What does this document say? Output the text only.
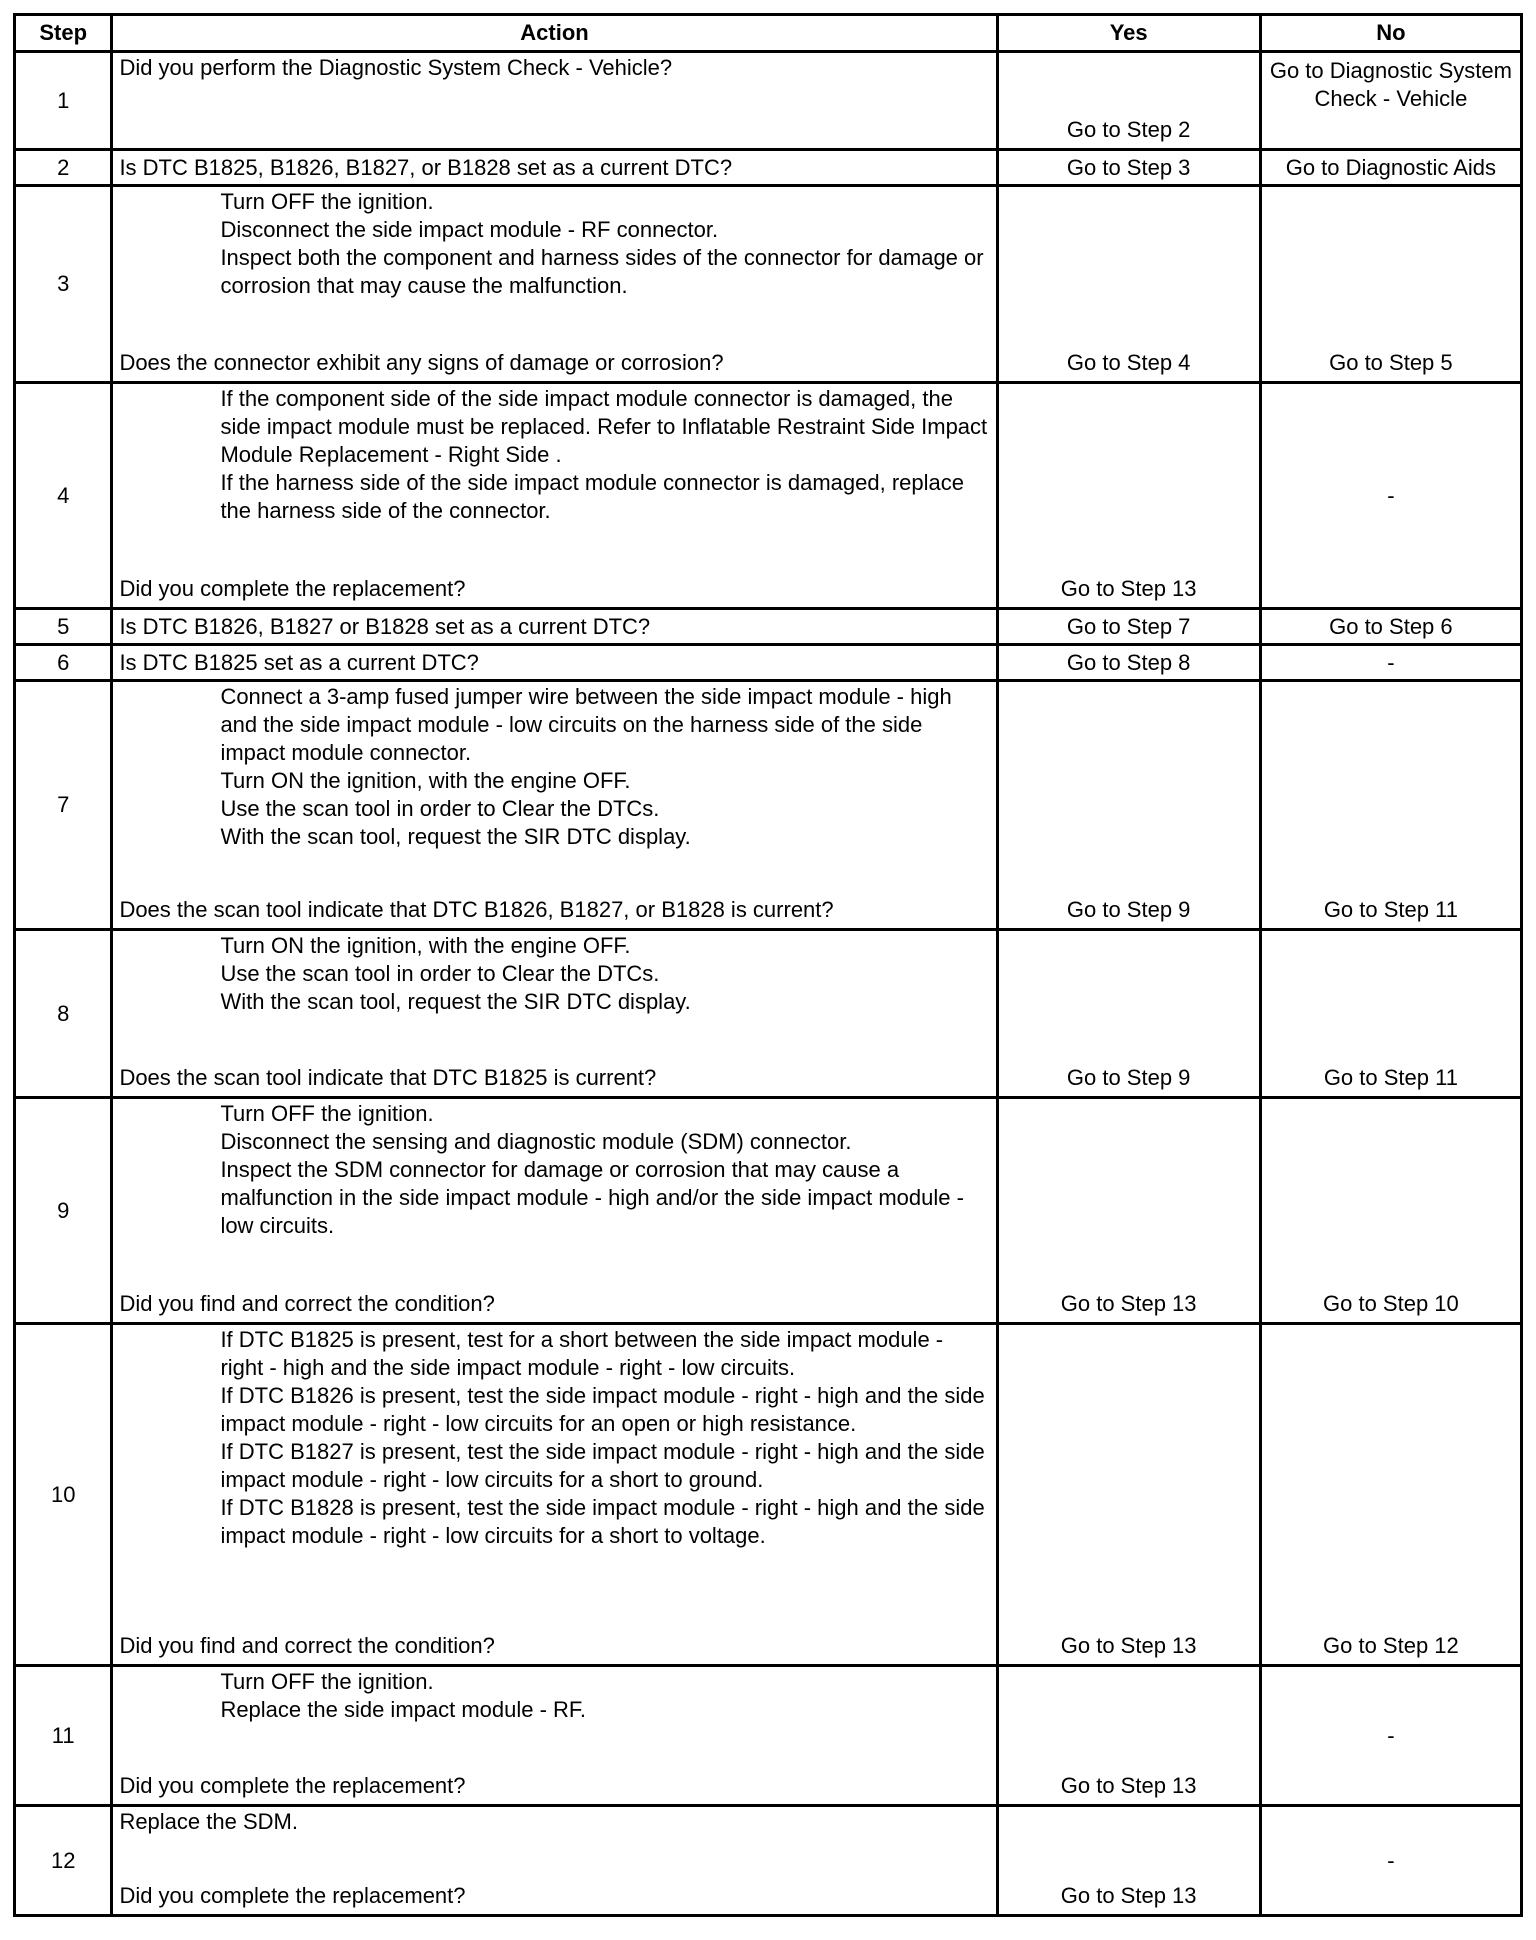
Step	Action	Yes	No
1	Did you perform the Diagnostic System Check - Vehicle?	Go to Step 2	Go to Diagnostic System Check - Vehicle
2	Is DTC B1825, B1826, B1827, or B1828 set as a current DTC?	Go to Step 3	Go to Diagnostic Aids
3	Turn OFF the ignition.
Disconnect the side impact module - RF connector.
Inspect both the component and harness sides of the connector for damage or corrosion that may cause the malfunction.
Does the connector exhibit any signs of damage or corrosion?	Go to Step 4	Go to Step 5
4	If the component side of the side impact module connector is damaged, the side impact module must be replaced. Refer to Inflatable Restraint Side Impact Module Replacement - Right Side .
If the harness side of the side impact module connector is damaged, replace the harness side of the connector.
Did you complete the replacement?	Go to Step 13	-
5	Is DTC B1826, B1827 or B1828 set as a current DTC?	Go to Step 7	Go to Step 6
6	Is DTC B1825 set as a current DTC?	Go to Step 8	-
7	Connect a 3-amp fused jumper wire between the side impact module - high and the side impact module - low circuits on the harness side of the side impact module connector.
Turn ON the ignition, with the engine OFF.
Use the scan tool in order to Clear the DTCs.
With the scan tool, request the SIR DTC display.
Does the scan tool indicate that DTC B1826, B1827, or B1828 is current?	Go to Step 9	Go to Step 11
8	Turn ON the ignition, with the engine OFF.
Use the scan tool in order to Clear the DTCs.
With the scan tool, request the SIR DTC display.
Does the scan tool indicate that DTC B1825 is current?	Go to Step 9	Go to Step 11
9	Turn OFF the ignition.
Disconnect the sensing and diagnostic module (SDM) connector.
Inspect the SDM connector for damage or corrosion that may cause a malfunction in the side impact module - high and/or the side impact module - low circuits.
Did you find and correct the condition?	Go to Step 13	Go to Step 10
10	If DTC B1825 is present, test for a short between the side impact module - right - high and the side impact module - right - low circuits.
If DTC B1826 is present, test the side impact module - right - high and the side impact module - right - low circuits for an open or high resistance.
If DTC B1827 is present, test the side impact module - right - high and the side impact module - right - low circuits for a short to ground.
If DTC B1828 is present, test the side impact module - right - high and the side impact module - right - low circuits for a short to voltage.
Did you find and correct the condition?	Go to Step 13	Go to Step 12
11	Turn OFF the ignition.
Replace the side impact module - RF.
Did you complete the replacement?	Go to Step 13	-
12	Replace the SDM.
Did you complete the replacement?	Go to Step 13	-
